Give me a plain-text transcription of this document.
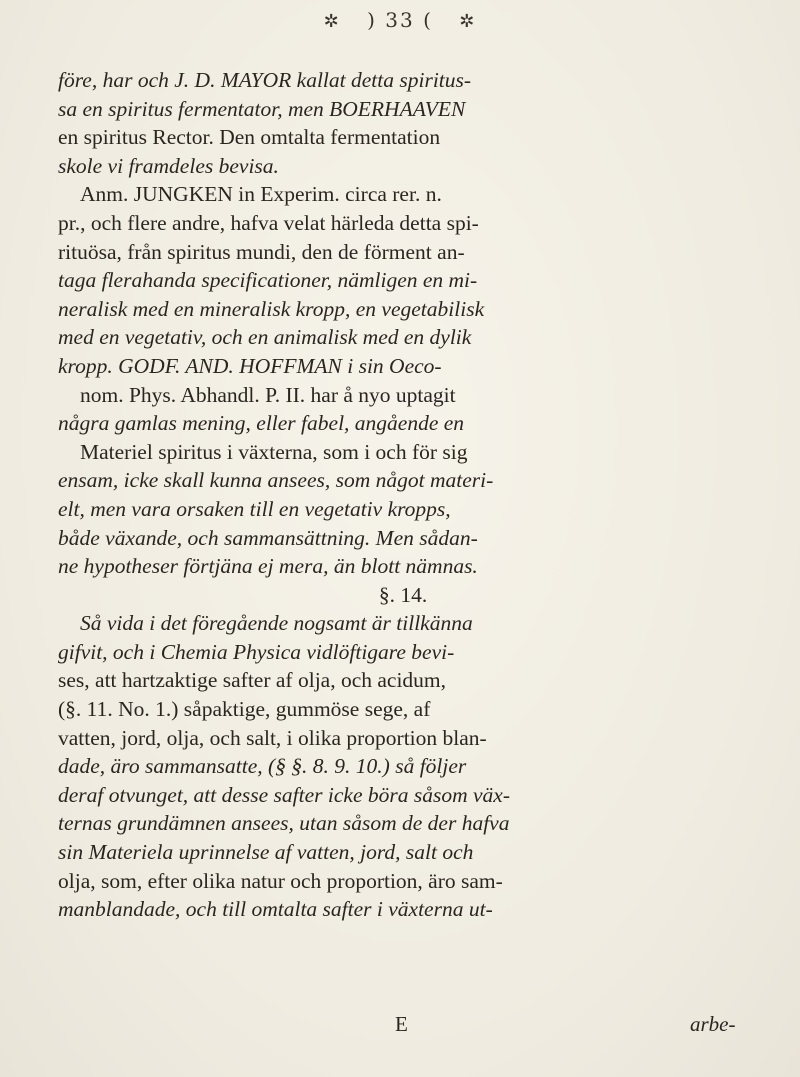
✲ ) 33 ( ✲
före, har och J. D. MAYOR kallat detta spiritus-
sa en spiritus fermentator, men BOERHAAVEN
en spiritus Rector. Den omtalta fermentation
skole vi framdeles bevisa.
Anm. JUNGKEN in Experim. circa rer. n.
pr., och flere andre, hafva velat härleda detta spi-
rituösa, från spiritus mundi, den de förment an-
taga flerahanda specificationer, nämligen en mi-
neralisk med en mineralisk kropp, en vegetabilisk
med en vegetativ, och en animalisk med en dylik
kropp. GODF. AND. HOFFMAN i sin Oeco-
nom. Phys. Abhandl. P. II. har å nyo uptagit
några gamlas mening, eller fabel, angående en
Materiel spiritus i växterna, som i och för sig
ensam, icke skall kunna ansees, som något materi-
elt, men vara orsaken till en vegetativ kropps,
både växande, och sammansättning. Men sådan-
ne hypotheser förtjäna ej mera, än blott nämnas.
§. 14.
Så vida i det föregående nogsamt är tillkänna
gifvit, och i Chemia Physica vidlöftigare bevi-
ses, att hartzaktige safter af olja, och acidum,
(§. 11. No. 1.) såpaktige, gummöse sege, af
vatten, jord, olja, och salt, i olika proportion blan-
dade, äro sammansatte, (§ §. 8. 9. 10.) så följer
deraf otvunget, att desse safter icke böra såsom väx-
ternas grundämnen ansees, utan såsom de der hafva
sin Materiela uprinnelse af vatten, jord, salt och
olja, som, efter olika natur och proportion, äro sam-
manblandade, och till omtalta safter i växterna ut-
E	arbe-
